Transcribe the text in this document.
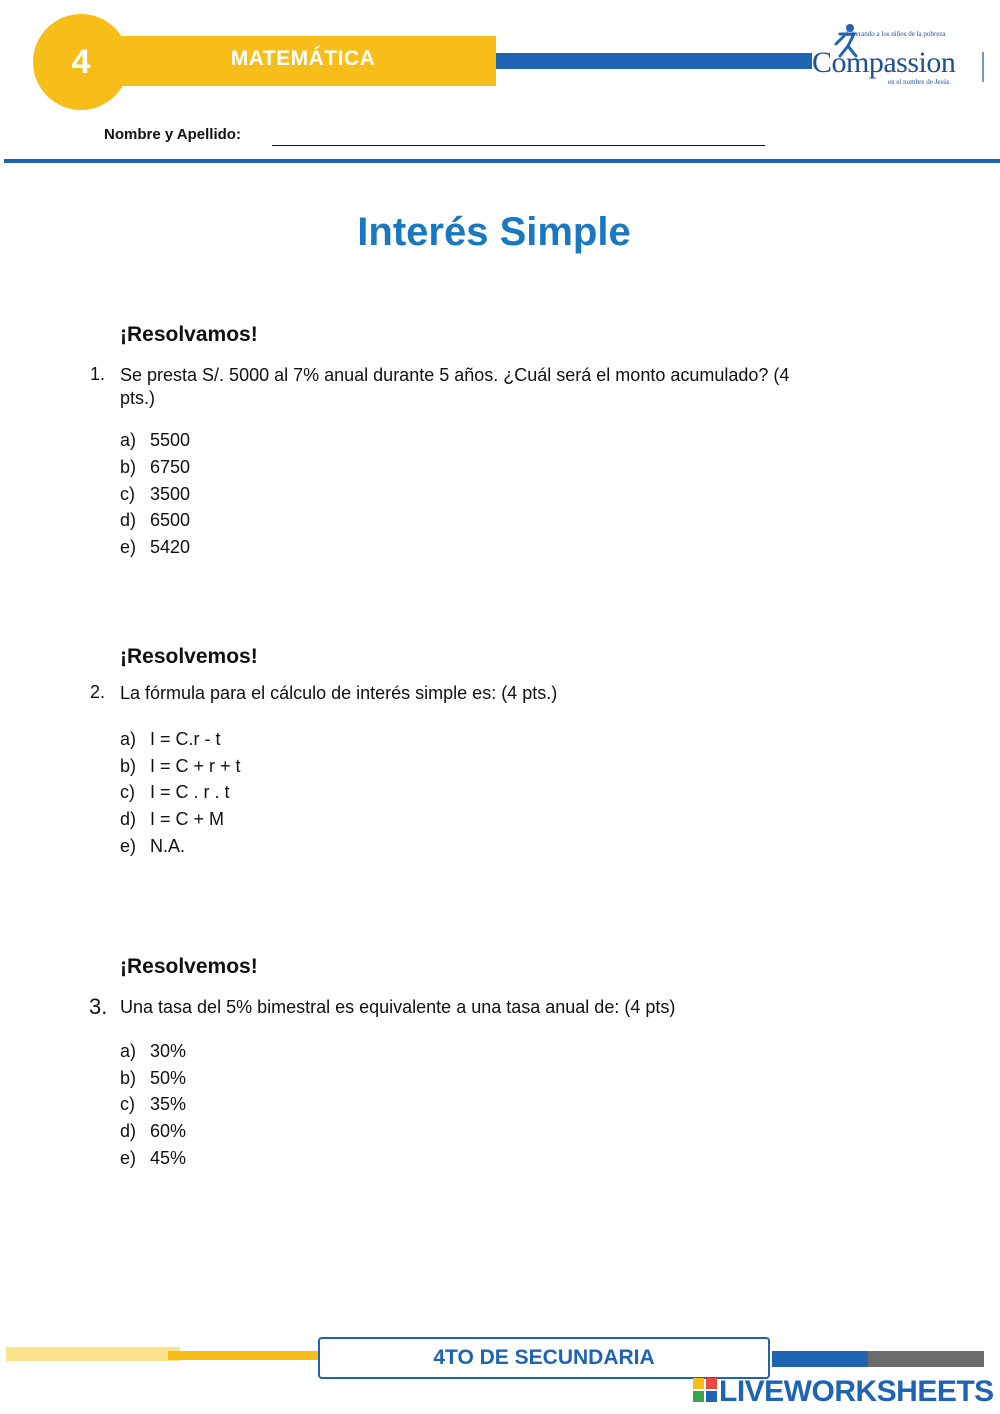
4	MATEMÁTICA
Liberando a los niños de la pobreza
Compassion
en el nombre de Jesús
Nombre y Apellido:
Interés Simple
¡Resolvamos!
1. Se presta S/. 5000 al 7% anual durante 5 años. ¿Cuál será el monto acumulado? (4
pts.)
a) 5500
b) 6750
c) 3500
d) 6500
e) 5420
¡Resolvemos!
2. La fórmula para el cálculo de interés simple es: (4 pts.)
a) I = C.r - t
b) I = C + r + t
c) I = C . r . t
d) I = C + M
e) N.A.
¡Resolvemos!
3. Una tasa del 5% bimestral es equivalente a una tasa anual de: (4 pts)
a) 30%
b) 50%
c) 35%
d) 60%
e) 45%
4TO DE SECUNDARIA
LIVEWORKSHEETS
